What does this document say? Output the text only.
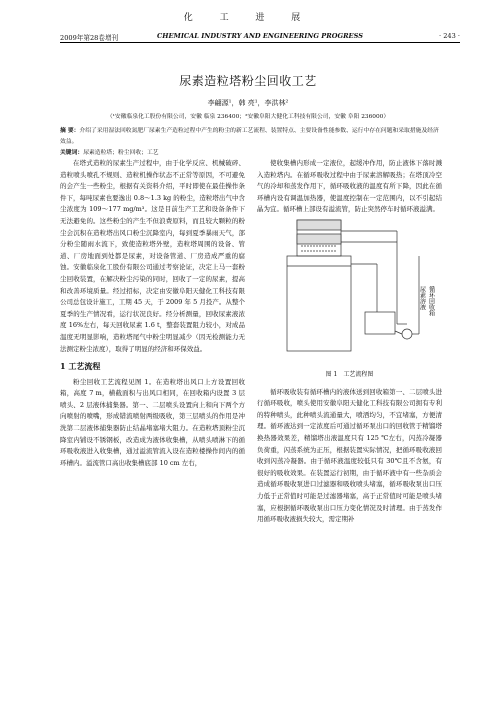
化 工 进 展
2009年第28卷增刊	CHEMICAL INDUSTRY AND ENGINEERING PROGRESS	· 243 ·

尿素造粒塔粉尘回收工艺
李翩源¹，韩 亮¹，李洪林²
（¹安徽临泉化工股份有限公司，安徽 临泉 236400；²安徽阜阳大健化工科技有限公司，安徽 阜阳 236000）
摘 要：介绍了采用湿法回收氮肥厂尿素生产造粒过程中产生的粉尘的新工艺流程、装置特点、主要设备性能参数、运行中存在问题和采取措施及经济效益。
关键词：尿素造粒塔；粉尘回收；工艺

在塔式造粒的尿素生产过程中，由于化学反应、机械破碎、造粒喷头喷孔不规则、造粒机操作状态不正常等原因，不可避免的会产生一些粉尘，根据有关资料介绍，平时即使在最佳操作条件下，每吨尿素也要逸出 0.8～1.3 kg 的粉尘，造粒塔出气中含尘浓度为 109～177 mg/m³。这是目前生产工艺和设备条件下无法避免的。这些粉尘的产生不但浪费原料，而且较大颗粒的粉尘会沉积在造粒塔出风口粉尘沉降室内，每到夏季暴雨天气，部分粉尘随雨水流下，致使造粒塔外壁，造粒塔周围的设备、管道、厂房地面到处都是尿素，对设备管道、厂房造成严重的腐蚀。安徽临泉化工股份有限公司通过考察论证，决定上马一套粉尘回收装置，在解决粉尘污染的同时，回收了一定的尿素，提高和改善环境质量。经过招标，决定由安徽阜阳天健化工科技有限公司总包设计施工，工期 45 天，于 2009 年 5 月投产。从整个夏季的生产情况看，运行状况良好。经分析测量，回收尿素液浓度 16%左右，每天回收尿素 1.6 t，整套装置阻力较小，对成品温度无明显影响，造粒塔尾气中粉尘明显减少（因无检测能力无法测定粉尘浓度），取得了明显的经济和环保效益。

1 工艺流程

粉尘回收工艺流程见图 1。在造粒塔出风口上方设置回收箱，高度 7 m，横截面积与出风口相同，在回收箱内设置 3 层喷头、2 层液体捕集器。第一、二层喷头设置向上和向下两个方向喷射的喷嘴，形成错流喷射两级吸收，第三层喷头的作用是冲洗第二层液体捕集器防止结晶堵塞堵大阻力。在造粒塔顶粉尘沉降室内铺设不锈钢板，改造成为液体收集槽，从喷头喷淋下的循环吸收液进入收集槽，通过溢流管流入设在造粒楼操作间内的循环槽内。溢流管口高出收集槽底部 10 cm 左右，

使收集槽内形成一定液位，起缓冲作用，防止液体下落时溅入造粒塔内。在循环吸收过程中由于尿素溶解吸热；在塔顶冷空气的冷却和蒸发作用下，循环吸收液的温度有所下降，因此在循环槽内设有调温加热器，使温度控制在一定范围内，以不引起结晶为宜。循环槽上部设有溢流管，防止突然停车时循环液溢满。

尿素溶液 循环回收箱
图 1　工艺流程图

循环吸收装有循环槽内的液体送到回收箱第一、二层喷头进行循环吸收，喷头使用安徽阜阳天健化工科技有限公司拥有专利的特种喷头，此种喷头流通量大，喷洒均匀，不宜堵塞，方便清理。循环液达到一定浓度后可通过循环泵出口的回收管于精馏塔换热器效果差，精馏塔出液温度只有 125 ℃左右，闪蒸冷凝器负荷重，闪蒸系统为正压，根据装置实际情况，把循环吸收液回收到闪蒸冷凝器。由于循环液温度较低只有 30℃且不含氨，有很好的吸收效果。在装置运行初期，由于循环液中有一些杂质会造成循环吸收泵进口过滤器和吸收喷头堵塞，循环吸收泵出口压力低于正常值时可能是过滤器堵塞，高于正常值时可能是喷头堵塞，应根据循环吸收泵出口压力变化情况及时清理。由于蒸发作用循环吸收液损失较大，需定期补
